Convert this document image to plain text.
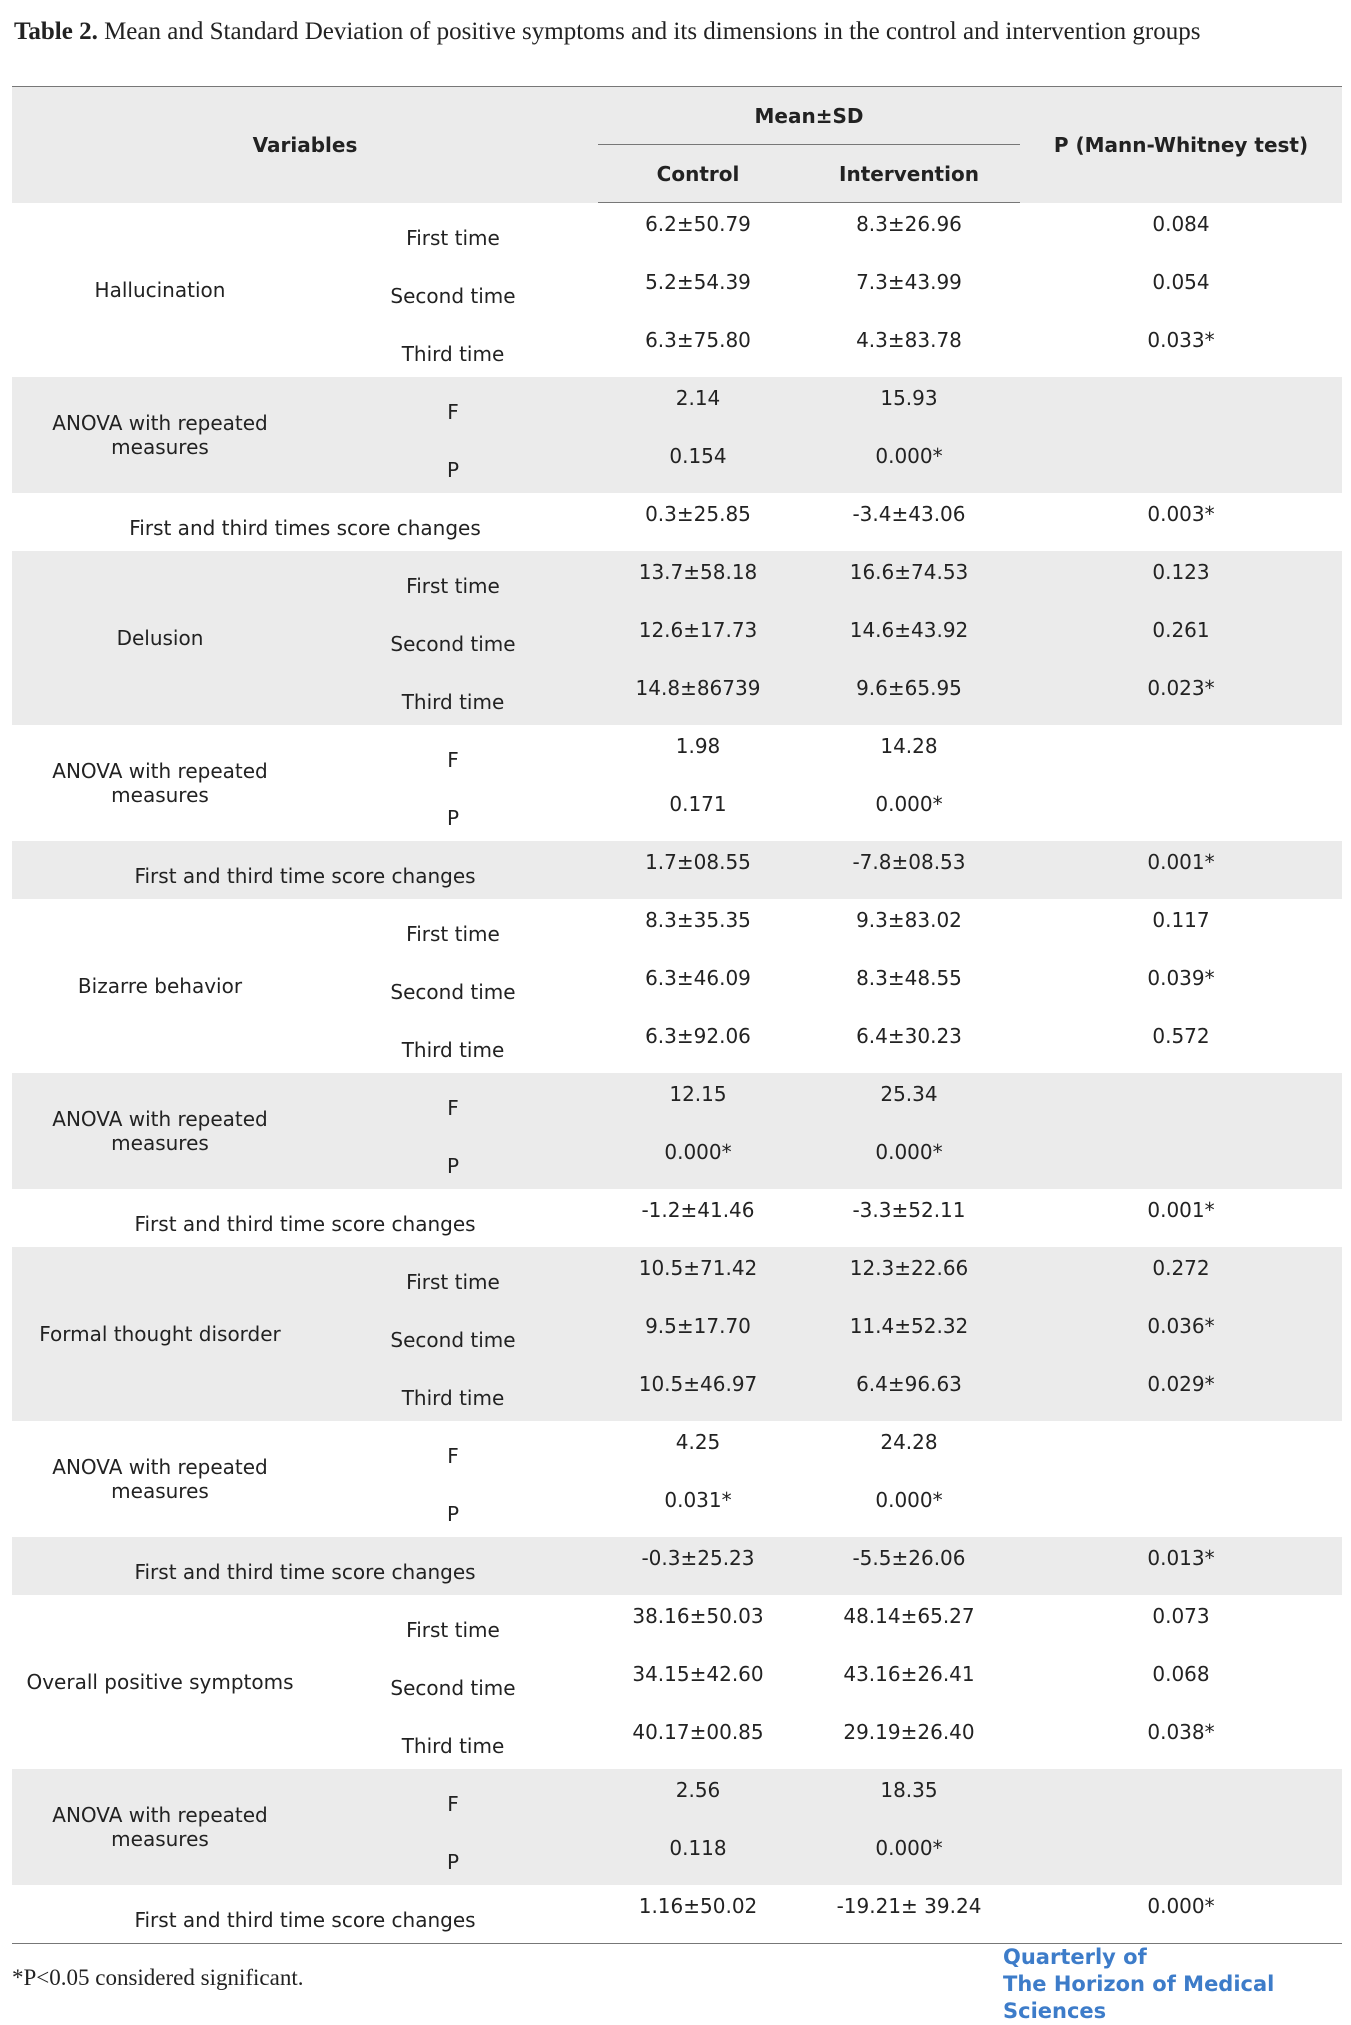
Table 2. Mean and Standard Deviation of positive symptoms and its dimensions in the control and intervention groups
Variables		Mean±SD		P (Mann-Whitney test)
		Control	Intervention	
Hallucination	First time	6.2±50.79	8.3±26.96	0.084
	Second time	5.2±54.39	7.3±43.99	0.054
	Third time	6.3±75.80	4.3±83.78	0.033*
ANOVA with repeated measures	F	2.14	15.93	
	P	0.154	0.000*	
First and third times score changes		0.3±25.85	-3.4±43.06	0.003*
Delusion	First time	13.7±58.18	16.6±74.53	0.123
	Second time	12.6±17.73	14.6±43.92	0.261
	Third time	14.8±86739	9.6±65.95	0.023*
ANOVA with repeated measures	F	1.98	14.28	
	P	0.171	0.000*	
First and third time score changes		1.7±08.55	-7.8±08.53	0.001*
Bizarre behavior	First time	8.3±35.35	9.3±83.02	0.117
	Second time	6.3±46.09	8.3±48.55	0.039*
	Third time	6.3±92.06	6.4±30.23	0.572
ANOVA with repeated measures	F	12.15	25.34	
	P	0.000*	0.000*	
First and third time score changes		-1.2±41.46	-3.3±52.11	0.001*
Formal thought disorder	First time	10.5±71.42	12.3±22.66	0.272
	Second time	9.5±17.70	11.4±52.32	0.036*
	Third time	10.5±46.97	6.4±96.63	0.029*
ANOVA with repeated measures	F	4.25	24.28	
	P	0.031*	0.000*	
First and third time score changes		-0.3±25.23	-5.5±26.06	0.013*
Overall positive symptoms	First time	38.16±50.03	48.14±65.27	0.073
	Second time	34.15±42.60	43.16±26.41	0.068
	Third time	40.17±00.85	29.19±26.40	0.038*
ANOVA with repeated measures	F	2.56	18.35	
	P	0.118	0.000*	
First and third time score changes		1.16±50.02	-19.21± 39.24	0.000*
*P<0.05 considered significant.
Quarterly of
The Horizon of Medical Sciences
